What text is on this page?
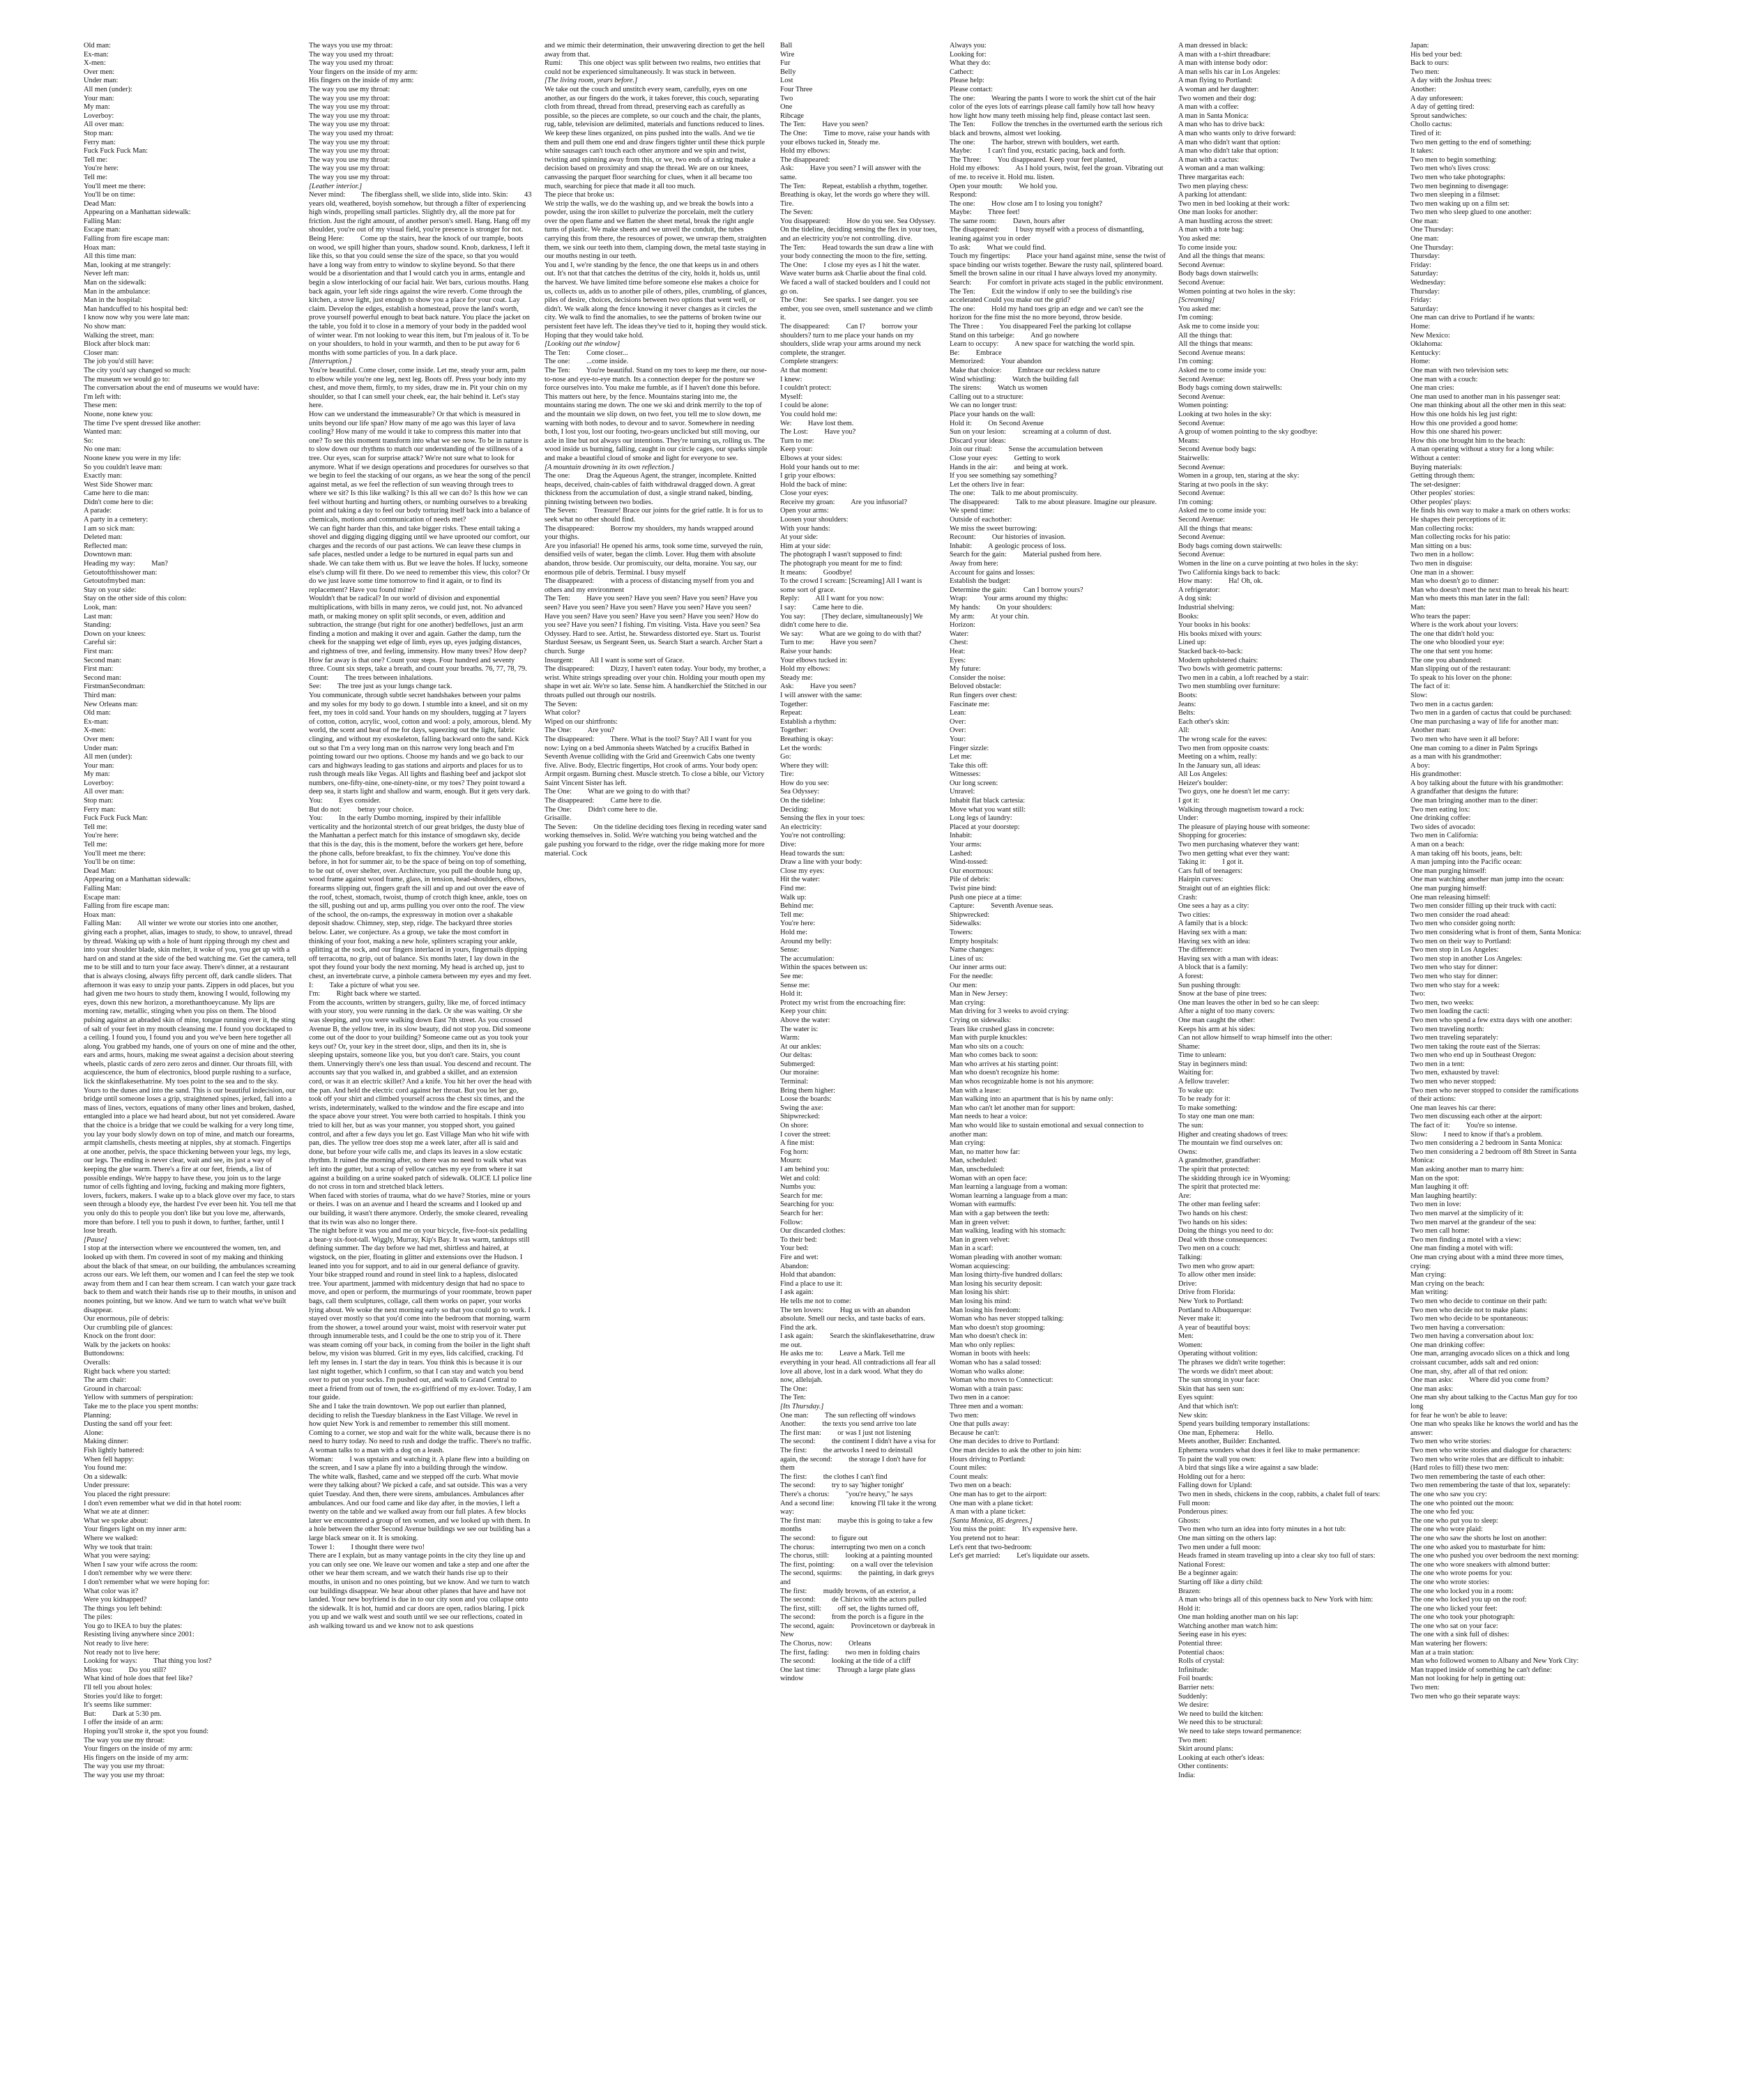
Old man:

Ex-man:

X-men:

Over men:

Under man:

All men (under):

Your man:

My man:

Loverboy:

All over man:

Stop man:

Ferry man:

Fuck Fuck Fuck Man:

Tell me:

You're here:

Tell me:

You'll meet me there:

You'll be on time:

Dead Man:

Appearing on a Manhattan sidewalk:

Falling Man:

Escape man:

Falling from fire escape man:

Hoax man:

All this time man:

Man, looking at me strangely:

Never left man:

Man on the sidewalk:

Man in the ambulance:

Man in the hospital:

Man handcuffed to his hospital bed:

I know now why you were late man:

No show man:

Walking the street, man:

Block after block man:

Closer man:

The job you'd still have:

The city you'd say changed so much:

The museum we would go to:

The conversation about the end of museums we would have:

I'm left with:

These men:

Noone, none knew you:

The time I've spent dressed like another:

Wanted man:

So:

No one man:

Noone knew you were in my life:

So you couldn't leave man:

Exactly man:

West Side Shower man:

Came here to die man:

Didn't come here to die:

A parade:

A party in a cemetery:

I am so sick man:

Deleted man:

Reflected man:

Downtown man:

Heading my way:         Man?

Getoutofthisshower man:

Getoutofmybed man:

Stay on your side:

Stay on the other side of this colon:

Look, man:

Last man:

Standing:

Down on your knees:

Careful sir:

First man:

Second man:

First man:

Second man:

FirstmanSecondman:

Third man:

New Orleans man:

Old man:

Ex-man:

X-men:

Over men:

Under man:

All men (under):

Your man:

My man:

Loverboy:

All over man:

Stop man:

Ferry man:

Fuck Fuck Fuck Man:

Tell me:

You're here:

Tell me:

You'll meet me there:

You'll be on time:

Dead Man:

Appearing on a Manhattan sidewalk:

Falling Man:

Escape man:

Falling from fire escape man:

Hoax man:

Falling Man:         All winter we wrote our stories into one another, giving each a prophet, alias, images to study, to show, to unravel, thread by thread. Waking up with a hole of hunt ripping through my chest and into your shoulder blade, skin melter, it woke of you, you get up with a hard on and stand at the side of the bed watching me. Get the camera, tell me to be still and to turn your face away. There's dinner, at a restaurant that is always closing, always fifty percent off, dark candle sliders. That afternoon it was easy to unzip your pants. Zippers in odd places, but you had given me two hours to study them, knowing I would, following my eyes, down this new horizon, a morethanthoeycanuse. My lips are morning raw, metallic, stinging when you piss on them. The blood pulsing against an abraded skin of mine, tongue running over it, the sting of salt of your feet in my mouth cleansing me. I found you docktaped to a ceiling. I found you, I found you and you we've been here together all along. You grabbed my hands, one of yours on one of mine and the other, ears and arms, hours, making me sweat against a decision about steering wheels, plastic cards of zero zero zeros and dinner. Our throats fill, with acquiescence, the hum of electronics, blood purple rushing to a surface, lick the skinflakesethatrine. My toes point to the sea and to the sky. Yours to the dunes and into the sand. This is our beautiful indecision, our bridge until someone loses a grip, straightened spines, jerked, fall into a mass of lines, vectors, equations of many other lines and broken, dashed, entangled into a place we had heard about, but not yet considered. Aware that the choice is a bridge that we could be walking for a very long time, you lay your body slowly down on top of mine, and match our forearms, armpit clamshells, chests meeting at nipples, shy at stomach. Fingertips at one another, pelvis, the space thickening between your legs, my legs, our legs. The ending is never clear, wait and see, its just a way of keeping the glue warm. There's a fire at our feet, friends, a list of possible endings. We're happy to have these, you join us to the large tumor of cells fighting and loving, fucking and making more fighters, lovers, fuckers, makers. I wake up to a black glove over my face, to stars seen through a bloody eye, the hardest I've ever been hit. You tell me that you only do this to people you don't like but you love me, afterwards, more than before. I tell you to push it down, to further, farther, until I lose breath.

[Pause]

I stop at the intersection where we encountered the women, ten, and looked up with them. I'm covered in soot of my making and thinking about the black of that smear, on our building, the ambulances screaming across our ears. We left them, our women and I can feel the step we took away from them and I can hear them scream. I can watch your gaze track back to them and watch their hands rise up to their mouths, in unison and noones pointing, but we know. And we turn to watch what we've built disappear.

Our enormous, pile of debris:

Our crumbling pile of glances:

Knock on the front door:

Walk by the jackets on hooks:

Buttondowns:

Overalls:

Right back where you started:

The arm chair:

Ground in charcoal:

Yellow with summers of perspiration:

Take me to the place you spent months:

Planning:

Dusting the sand off your feet:

Alone:

Making dinner:

Fish lightly battered:

When fell happy:

You found me:

On a sidewalk:

Under pressure:

You placed the right pressure:

I don't even remember what we did in that hotel room:

What we ate at dinner:

What we spoke about:

Your fingers light on my inner arm:

Where we walked:

Why we took that train:

What you were saying:

When I saw your wife across the room:

I don't remember why we were there:

I don't remember what we were hoping for:

What color was it?

Were you kidnapped?

The things you left behind:

The piles:

You go to IKEA to buy the plates:

Resisting living anywhere since 2001:

Not ready to live here:

Not ready not to live here:

Looking for ways:         That thing you lost?

Miss you:         Do you still?

What kind of hole does that feel like?

I'll tell you about holes:

Stories you'd like to forget:

It's seems like summer:

But:         Dark at 5:30 pm.

I offer the inside of an arm:

Hoping you'll stroke it, the spot you found:

The way you use my throat:

Your fingers on the inside of my arm:

His fingers on the inside of my arm:

The way you use my throat:

The way you use my throat:

The ways you use my throat:

The way you used my throat:

The way you used my throat:

Your fingers on the inside of my arm:

His fingers on the inside of my arm:

The way you use my throat:

The way you use my throat:

The way you use my throat:

The way you use my throat:

The way you use my throat:

The way you used my throat:

The way you use my throat:

The way you use my throat:

The way you use my throat:

The way you use my throat:

The way you use my throat:

[Leather interior.]

Never mind:         The fiberglass shell, we slide into, slide into. Skin:         43 years old, weathered, boyish somehow, but through a filter of experiencing high winds, propelling small particles. Slightly dry, all the more pat for friction. Just the right amount, of another person's smell. Hang. Hang off my shoulder, you're out of my visual field, you're presence is stronger for not.

Being Here:         Come up the stairs, hear the knock of our trample, boots on wood, we spill higher than yours, shadow sound. Knob, darkness, I left it like this, so that you could sense the size of the space, so that you would have a long way from entry to window to skyline beyond. So that there would be a disorientation and that I would catch you in arms, entangle and begin a slow interlocking of our facial hair. Wet bars, curious mouths. Hang back again, your left side rings against the wire reverb. Come through the kitchen, a stove light, just enough to show you a place for your coat. Lay claim. Develop the edges, establish a homestead, prove the land's worth, prove yourself powerful enough to beat back nature. You place the jacket on the table, you fold it to close in a memory of your body in the padded wool of winter wear. I'm not looking to wear this item, but I'm jealous of it. To be on your shoulders, to hold in your warmth, and then to be put away for 6 months with some particles of you. In a dark place.

[Interruption.]

You're beautiful. Come closer, come inside. Let me, steady your arm, palm to elbow while you're one leg, next leg. Boots off. Press your body into my chest, and move them, firmly, to my sides, draw me in. Pit your chin on my shoulder, so that I can smell your cheek, ear, the hair behind it. Let's stay here.

How can we understand the immeasurable? Or that which is measured in units beyond our life span? How many of me ago was this layer of lava cooling? How many of me would it take to compress this matter into that one? To see this moment transform into what we see now. To be in nature is to slow down our rhythms to match our understanding of the stillness of a tree. Our eyes, scan for surprise attack? We're not sure what to look for anymore. What if we design operations and procedures for ourselves so that we begin to feel the stacking of our organs, as we hear the song of the pencil against metal, as we feel the reflection of sun weaving through trees to where we sit? Is this like walking? Is this all we can do? Is this how we can feel without hurting and hurting others, or numbing ourselves to a breaking point and taking a day to feel our body torturing itself back into a balance of chemicals, motions and communication of needs met?

We can fight harder than this, and take bigger risks. These entail taking a shovel and digging digging digging until we have uprooted our comfort, our charges and the records of our past actions. We can leave these clumps in safe places, nestled under a ledge to be nurtured in equal parts sun and shade. We can take them with us. But we leave the holes. If lucky, someone else's clump will fit there. Do we need to remember this view, this color? Or do we just leave some time tomorrow to find it again, or to find its replacement? Have you found mine?

Wouldn't that be radical? In our world of division and exponential multiplications, with bills in many zeros, we could just, not. No advanced math, or making money on split split seconds, or even, addition and subtraction, the strange (but right for one another) bedfellows, just an arm finding a motion and making it over and again. Gather the damp, turn the cheek for the snapping wet edge of limb, eyes up, eyes judging distances, and rightness of tree, and feeling, immensity. How many trees? How deep? How far away is that one? Count your steps. Four hundred and seventy three. Count six steps, take a breath, and count your breaths. 76, 77, 78, 79.

Count:         The trees between inhalations.

See:         The tree just as your lungs change tack.

You communicate, through subtle secret handshakes between your palms and my soles for my body to go down. I stumble into a kneel, and sit on my feet, my toes in cold sand. Your hands on my shoulders, tugging at 7 layers of cotton, cotton, acrylic, wool, cotton and wool: a poly, amorous, blend. My world, the scent and heat of me for days, squeezing out the light, fabric clinging, and without my exoskeleton, falling backward onto the sand. Kick out so that I'm a very long man on this narrow very long beach and I'm pointing toward our two options. Choose my hands and we go back to our cars and highways leading to gas stations and airports and places for us to rush through meals like Vegas. All lights and flashing beef and jackpot slot numbers, one-fifty-nine, one-ninety-nine, or my toes? They point toward a deep sea, it starts light and shallow and warm, enough. But it gets very dark.

You:         Eyes consider.

But do not:         betray your choice.

You:         In the early Dumbo morning, inspired by their infallible verticality and the horizontal stretch of our great bridges, the dusty blue of the Manhattan a perfect match for this instance of smogdawn sky, decide that this is the day, this is the moment, before the workers get here, before the phone calls, before breakfast, to fix the chimney. You've done this before, in hot for summer air, to be the space of being on top of something, to be out of, over shelter, over. Architecture, you pull the double hung up, wood frame against wood frame, glass, in tension, head-shoulders, elbows, forearms slipping out, fingers graft the sill and up and out over the eave of the roof, tchest, stomach, twoist, thump of crotch thigh knee, ankle, toes on the sill, pushing out and up, arms pulling you over onto the roof. The view of the school, the on-ramps, the expressway in motion over a shakable deposit shadow. Chimney, step, step, ridge. The backyard three stories below. Later, we conjecture. As a group, we take the most comfort in thinking of your foot, making a new hole, splinters scraping your ankle, splitting at the sock, and our fingers interlaced in yours, fingernails dipping off terracotta, no grip, out of balance. Six months later, I lay down in the spot they found your body the next morning. My head is arched up, just to chest, an invertebrate curve, a pinhole camera between my eyes and my feet.

I:         Take a picture of what you see.

I'm:         Right back where we started.

From the accounts, written by strangers, guilty, like me, of forced intimacy with your story, you were running in the dark. Or she was waiting. Or she was sleeping, and you were walking down East 7th street. As you crossed Avenue B, the yellow tree, in its slow beauty, did not stop you. Did someone come out of the door to your building? Someone came out as you took your keys out? Or, your key in the street door, slips, and then its in, she is sleeping upstairs, someone like you, but you don't care. Stairs, you count them. Unnervingly there's one less than usual. You descend and recount. The accounts say that you walked in, and grabbed a skillet, and an extension cord, or was it an electric skillet? And a knife. You hit her over the head with the pan. And held the electric cord against her throat. But you let her go, took off your shirt and climbed yourself across the chest six times, and the wrists, indeterminately, walked to the window and the fire escape and into the space above your street. You were both carried to hospitals. I think you tried to kill her, but as was your manner, you stopped short, you gained control, and after a few days you let go. East Village Man who hit wife with pan, dies. The yellow tree does stop me a week later, after all is said and done, but before your wife calls me, and claps its leaves in a slow ecstatic rhythm. It ruined the morning after, so there was no need to walk what was left into the gutter, but a scrap of yellow catches my eye from where it sat against a building on a urine soaked patch of sidewalk. OLICE LI police line do not cross in torn and stretched black letters.

When faced with stories of trauma, what do we have? Stories, mine or yours or theirs. I was on an avenue and I heard the screams and I looked up and our building, it wasn't there anymore. Orderly, the smoke cleared, revealing that its twin was also no longer there.

The night before it was you and me on your bicycle, five-foot-six pedalling a bear-y six-foot-tall. Wiggly, Murray, Kip's Bay. It was warm, tanktops still defining summer. The day before we had met, shirtless and haired, at wigstock, on the pier, floating in glitter and extensions over the Hudson. I leaned into you for support, and to aid in our general defiance of gravity. Your bike strapped round and round in steel link to a hapless, dislocated tree. Your apartment, jammed with midcentury design that had no space to move, and open or perform, the murmurings of your roommate, brown paper bags, call them sculptures, collage, call them works on paper, your works lying about. We woke the next morning early so that you could go to work. I stayed over mostly so that you'd come into the bedroom that morning, warm from the shower, a towel around your waist, moist with reservoir water put through innumerable tests, and I could be the one to strip you of it. There was steam coming off your back, in coming from the boiler in the light shaft below, my vision was blurred. Grit in my eyes, lids calcified, cracking. I'd left my lenses in. I start the day in tears. You think this is because it is our last night together, which I confirm, so that I can stay and watch you bend over to put on your socks. I'm pushed out, and walk to Grand Central to meet a friend from out of town, the ex-girlfriend of my ex-lover. Today, I am tour guide.

She and I take the train downtown. We pop out earlier than planned, deciding to relish the Tuesday blankness in the East Village. We revel in how quiet New York is and remember to remember this still moment. Coming to a corner, we stop and wait for the white walk, because there is no need to hurry today. No need to rush and dodge the traffic. There's no traffic.

A woman talks to a man with a dog on a leash.

Woman:         I was upstairs and watching it. A plane flew into a building on the screen, and I saw a plane fly into a building through the window.

The white walk, flashed, came and we stepped off the curb. What movie were they talking about? We picked a cafe, and sat outside. This was a very quiet Tuesday. And then, there were sirens, ambulances. Ambulances after ambulances. And our food came and like day after, in the movies, I left a twenty on the table and we walked away from our full plates. A few blocks later we encountered a group of ten women, and we looked up with them. In a hole between the other Second Avenue buildings we see our building has a large black smear on it. It is smoking.

Tower 1:         I thought there were two!

There are I explain, but as many vantage points in the city they line up and you can only see one. We leave our women and take a step and one after the other we hear them scream, and we watch their hands rise up to their mouths, in unison and no ones pointing, but we know. And we turn to watch our buildings disappear. We hear about other planes that have and have not landed. Your new boyfriend is due in to our city soon and you collapse onto the sidewalk. It is hot, humid and car doors are open, radios blaring. I pick you up and we walk west and south until we see our reflections, coated in ash walking toward us and we know not to ask questions

and we mimic their determination, their unwavering direction to get the hell away from that.

Rumi:         This one object was split between two realms, two entities that could not be experienced simultaneously. It was stuck in between.

[The living room, years before.]

We take out the couch and unstitch every seam, carefully, eyes on one another, as our fingers do the work, it takes forever, this couch, separating cloth from thread, thread from thread, preserving each as carefully as possible, so the pieces are complete, so our couch and the chair, the plants, rug, table, television are delimited, materials and functions reduced to lines. We keep these lines organized, on pins pushed into the walls. And we tie them and pull them one end and draw fingers tighter until these thick purple white sausages can't touch each other anymore and we spin and twist, twisting and spinning away from this, or we, two ends of a string make a decision based on proximity and snap the thread. We are on our knees, canvassing the parquet floor searching for clues, when it all became too much, searching for piece that made it all too much.

The piece that broke us:

We strip the walls, we do the washing up, and we break the bowls into a powder, using the iron skillet to pulverize the porcelain, melt the cutlery over the open flame and we flatten the sheet metal, break the right angle turns of plastic. We make sheets and we unveil the conduit, the tubes carrying this from there, the resources of power, we unwrap them, straighten them, we sink our teeth into them, clamping down, the metal taste staying in our mouths nesting in our teeth.

You and I, we're standing by the fence, the one that keeps us in and others out. It's not that that catches the detritus of the city, holds it, holds us, until the harvest. We have limited time before someone else makes a choice for us, collects us, adds us to another pile of others, piles, crumbling, of glances, piles of desire, choices, decisions between two options that went well, or didn't. We walk along the fence knowing it never changes as it circles the city. We walk to find the anomalies, to see the patterns of broken twine our persistent feet have left. The ideas they've tied to it, hoping they would stick. Hoping that they would take hold.

[Looking out the window]

The Ten:         Come closer...

The one:         ...come inside.

The Ten:         You're beautiful. Stand on my toes to keep me there, our nose-to-nose and eye-to-eye match. Its a connection deeper for the posture we force ourselves into. You make me fumble, as if I haven't done this before. This matters out here, by the fence. Mountains staring into me, the mountains staring me down. The one we ski and drink merrily to the top of and the mountain we slip down, on two feet, you tell me to slow down, me warning with both nodes, to devour and to savor. Somewhere in needing both, I lost you, lost our footing, two-gears unclicked but still moving, our axle in line but not always our intentions. They're turning us, rolling us. The wood inside us burning, falling, caught in our circle cages, our sparks simple and make a beautiful cloud of smoke and light for everyone to see.

[A mountain drowning in its own reflection.]

The one:         Drag the Aqueous Agent, the stranger, incomplete. Knitted heaps, deceived, chain-cables of faith withdrawal dragged down. A great thickness from the accumulation of dust, a single strand naked, binding, pinning twisting between two bodies.

The Seven:         Treasure! Brace our joints for the grief rattle. It is for us to seek what no other should find.

The disappeared:         Borrow my shoulders, my hands wrapped around your thighs.

Are you infasorial! He opened his arms, took some time, surveyed the ruin, densified veils of water, began the climb. Lover. Hug them with absolute abandon, throw beside. Our promiscuity, our delta, moraine. You say, our enormous pile of debris. Terminal. I busy myself

The disappeared:         with a process of distancing myself from you and others and my environment

The Ten:         Have you seen? Have you seen? Have you seen? Have you seen? Have you seen? Have you seen? Have you seen? Have you seen? Have you seen? Have you seen? Have you seen? Have you seen? How do you see? Have you seen? I fishing. I'm visiting. Vista. Have you seen? Sea Odyssey. Hard to see. Artist, he. Stewardess distorted eye. Start us. Tourist Stardust Seesaw, us Sergeant Seen, us. Search Start a search. Archer Start a church. Surge

Insurgent:         All I want is some sort of Grace.

The disappeared:         Dizzy, I haven't eaten today. Your body, my brother, a wrist. White strings spreading over your chin. Holding your mouth open my shape in wet air. We're so late. Sense him. A handkerchief the Stitched in our throats pulled out through our nostrils.

The Seven:

What color?

Wiped on our shirtfronts:

The One:         Are you?

The disappeared:         There. What is the tool? Stay? All I want for you now: Lying on a bed Ammonia sheets Watched by a crucifix Bathed in Seventh Avenue colliding with the Grid and Greenwich Cabs one twenty five. Alive. Body, Electric fingertips, Hot crook of arms. Your body open: Armpit orgasm. Burning chest. Muscle stretch. To close a bible, our Victory Saint Vincent Sister has left.

The One:         What are we going to do with that?

The disappeared:         Came here to die.

The One:         Didn't come here to die.

Grisaille.

The Seven:         On the tideline deciding toes flexing in receding water sand working themselves in. Solid. We're watching you being watched and the gale pushing you forward to the ridge, over the ridge making more for more material. Cock

Ball

Wire

Fur

Belly

Lost

Four Three

Two

One

Ribcage

The Ten:         Have you seen?

The One:         Time to move, raise your hands with your elbows tucked in, Steady me.

Hold my elbows:

The disappeared:

Ask:         Have you seen? I will answer with the same.

The Ten:         Repeat, establish a rhythm, together. Breathing is okay, let the words go where they will. Tire.

The Seven:

You disappeared:         How do you see. Sea Odyssey. On the tideline, deciding sensing the flex in your toes, and an electricity you're not controlling. dive.

The Ten:         Head towards the sun draw a line with your body connecting the moon to the fire, setting.

The One:         I close my eyes as I hit the water. Wave water burns ask Charlie about the final cold. We faced a wall of stacked boulders and I could not go on.

The One:         See sparks. I see danger. you see ember, you see oven, smell sustenance and we climb it.

The disappeared:         Can I?         borrow your shoulders? turn to me place your hands on my shoulders, slide wrap your arms around my neck complete, the stranger.

Complete strangers:

At that moment:

I knew:

I couldn't protect:

Myself:

I could be alone:

You could hold me:

We:         Have lost them.

The Lost:         Have you?

Turn to me:

Keep your:

Elbows at your sides:

Hold your hands out to me:

I grip your elbows:

Hold the back of mine:

Close your eyes:

Receive my groan:         Are you infusorial?

Open your arms:

Loosen your shoulders:

With your hands:

At your side:

Him at your side:

The photograph I wasn't supposed to find:

The photograph you meant for me to find:

It means:         Goodbye!

To the crowd I scream: [Screaming] All I want is some sort of grace.

Reply:         All I want for you now:

I say:         Came here to die.

You say:         [They declare, simultaneously] We didn't come here to die.

We say:         What are we going to do with that?

Turn to me:         Have you seen?

Raise your hands:

Your elbows tucked in:

Hold my elbows:

Steady me:

Ask:         Have you seen?

I will answer with the same:

Together:

Repeat:

Establish a rhythm:

Together:

Breathing is okay:

Let the words:

Go:

Where they will:

Tire:

How do you see:

Sea Odyssey:

On the tideline:

Deciding:

Sensing the flex in your toes:

An electricity:

You're not controlling:

Dive:

Head towards the sun:

Draw a line with your body:

Close my eyes:

Hit the water:

Find me:

Walk up:

Behind me:

Tell me:

You're here:

Hold me:

Around my belly:

Sense:

The accumulation:

Within the spaces between us:

See me:

Sense me:

Hold it:

Protect my wrist from the encroaching fire:

Keep your chin:

Above the water:

The water is:

Warm:

At our ankles:

Our deltas:

Submerged:

Our moraine:

Terminal:

Bring them higher:

Loose the boards:

Swing the axe:

Shipwrecked:

On shore:

I cover the street:

A fine mist:

Fog horn:

Mourn:

I am behind you:

Wet and cold:

Numbs you:

Search for me:

Searching for you:

Search for her:

Follow:

Our discarded clothes:

To their bed:

Your bed:

Fire and wet:

Abandon:

Hold that abandon:

Find a place to use it:

I ask again:

He tells me not to come:

The ten lovers:         Hug us with an abandon absolute. Smell our necks, and taste backs of ears. Find the ark.

I ask again:         Search the skinflakesethatrine, draw me out.

He asks me to:         Leave a Mark. Tell me everything in your head. All contradictions all fear all love all above, lost in a dark wood. What they do now, allelujah.

The One:

The Ten:

[Its Thursday.]

One man:         The sun reflecting off windows

Another:         the texts you send arrive too late

The first man:         or was I just not listening

The second:         the continent I didn't have a visa for

The first:         the artworks I need to deinstall

again, the second:         the storage I don't have for them

The first:         the clothes I can't find

The second:         try to say 'higher tonight'

There's a chorus:         "you're heavy," he says

And a second line:         knowing I'll take it the wrong way:

The first man:         maybe this is going to take a few months

The second:         to figure out

The chorus:         interrupting two men on a conch

The chorus, still:         looking at a painting mounted

The first, pointing:         on a wall over the television

The second, squirms:         the painting, in dark greys and

The first:         muddy browns, of an exterior, a

The second:         de Chirico with the actors pulled

The first, still:         off set, the lights turned off,

The second:         from the porch is a figure in the

The second, again:         Provincetown or daybreak in New

The Chorus, now:         Orleans

The first, fading:         two men in folding chairs

The second:         looking at the tide of a cliff

One last time:         Through a large plate glass window

Always you:

Looking for:

What they do:

Cathect:

Please help:

Please contact:

The one:         Wearing the pants I wore to work the shirt cut of the hair color of the eyes lots of earrings please call family how tall how heavy how light how many teeth missing help find, please contact last seen.

The Ten:         Follow the trenches in the overturned earth the serious rich black and browns, almost wet looking.

The one:         The harbor, strewn with boulders, wet earth.

Maybe:         I can't find you, ecstatic pacing, back and forth.

The Three:         You disappeared. Keep your feet planted,

Hold my elbows:         As I hold yours, twist, feel the groan. Vibrating out of me. to receive it. Hold mu. listen.

Open your mouth:         We hold you.

Respond:

The one:         How close am I to losing you tonight?

Maybe:         Three feet!

The same room:         Dawn, hours after

The disappeared:         I busy myself with a process of dismantling, leaning against you in order

To ask:         What we could find.

Touch my fingertips:         Place your hand against mine, sense the twist of space binding our wrists together. Beware the rusty nail, splintered board. Smell the brown saline in our ritual I have always loved my anonymity.

Search:         For comfort in private acts staged in the public environment.

The Ten:         Exit the window if only to see the building's rise accelerated Could you make out the grid?

The one:         Hold my hand toes grip an edge and we can't see the horizon for the fine mist the no more beyond, throw beside.

The Three :         You disappeared Feel the parking lot collapse

Stand on this tarbeige:         And go nowhere

Learn to occupy:         A new space for watching the world spin.

Be:         Embrace

Memorized:         Your abandon

Make that choice:         Embrace our reckless nature

Wind whistling:         Watch the building fall

The sirens:         Watch us women

Calling out to a structure:

We can no longer trust:

Place your hands on the wall:

Hold it:         On Second Avenue

Sun on your lesion:         screaming at a column of dust.

Discard your ideas:

Join our ritual:         Sense the accumulation between

Close your eyes:         Getting to work

Hands in the air:         and being at work.

If you see something say something?

Let the others live in fear:

The one:         Talk to me about promiscuity.

The disappeared:         Talk to me about pleasure. Imagine our pleasure.

We spend time:

Outside of eachother:

We miss the sweet burrowing:

Recount:         Our histories of invasion.

Inhabit:         A geologic process of loss.

Search for the gain:         Material pushed from here.

Away from here:

Account for gains and losses:

Establish the budget:

Determine the gain:         Can I borrow yours?

Wrap:         Your arms around my thighs:

My hands:         On your shoulders:

My arm:         At your chin.

Horizon:

Water:

Chest:

Heat:

Eyes:

My future:

Consider the noise:

Beloved obstacle:

Run fingers over chest:

Fascinate me:

Lean:

Over:

Over:

Your:

Finger sizzle:

Let me:

Take this off:

Witnesses:

Our long screen:

Unravel:

Inhabit flat black cartesia:

Move what you want still:

Long legs of laundry:

Placed at your doorstep:

Inhabit:

Your arms:

Lashed:

Wind-tossed:

Our enormous:

Pile of debris:

Twist pine bind:

Push one piece at a time:

Capture:         Seventh Avenue seas.

Shipwrecked:

Sidewalks:

Towers:

Empty hospitals:

Name changes:

Lines of us:

Our inner arms out:

For the needle:

Our men:

Man in New Jersey:

Man crying:

Man driving for 3 weeks to avoid crying:

Crying on sidewalks:

Tears like crushed glass in concrete:

Man with purple knuckles:

Man who sits on a couch:

Man who comes back to soon:

Man who arrives at his starting point:

Man who doesn't recognize his home:

Man whos recognizable home is not his anymore:

Man with a lease:

Man walking into an apartment that is his by name only:

Man who can't let another man for support:

Man needs to hear a voice:

Man who would like to sustain emotional and sexual connection to another man:

Man crying:

Man, no matter how far:

Man, scheduled:

Man, unscheduled:

Woman with an open face:

Man learning a language from a woman:

Woman learning a language from a man:

Woman with earmuffs:

Man with a gap between the teeth:

Man in green velvet:

Man walking, leading with his stomach:

Man in green velvet:

Man in a scarf:

Woman pleading with another woman:

Woman acquiescing:

Man losing thirty-five hundred dollars:

Man losing his security deposit:

Man losing his shirt:

Man losing his mind:

Man losing his freedom:

Woman who has never stopped talking:

Man who doesn't stop grooming:

Man who doesn't check in:

Man who only replies:

Woman in boots with heels:

Woman who has a salad tossed:

Woman who walks alone:

Woman who moves to Connecticut:

Woman with a train pass:

Two men in a canoe:

Three men and a woman:

Two men:

One that pulls away:

Because he can't:

One man decides to drive to Portland:

One man decides to ask the other to join him:

Hours driving to Portland:

Count miles:

Count meals:

Two men on a beach:

One man has to get to the airport:

One man with a plane ticket:

A man with a plane ticket:

[Santa Monica, 85 degrees.]

You miss the point:         It's expensive here.

You pretend not to hear:

Let's rent that two-bedroom:

Let's get married:         Let's liquidate our assets.

A man dressed in black:

A man with a t-shirt threadbare:

A man with intense body odor:

A man sells his car in Los Angeles:

A man flying to Portland:

A woman and her daughter:

Two women and their dog:

A man with a coffee:

A man in Santa Monica:

A man who has to drive back:

A man who wants only to drive forward:

A man who didn't want that option:

A man who didn't take that option:

A man with a cactus:

A woman and a man walking:

Three margaritas each:

Two men playing chess:

A parking lot attendant:

Two men in bed looking at their work:

One man looks for another:

A man hustling across the street:

A man with a tote bag:

You asked me:

To come inside you:

And all the things that means:

Second Avenue:

Body bags down stairwells:

Second Avenue:

Women pointing at two holes in the sky:

[Screaming]

You asked me:

I'm coming:

Ask me to come inside you:

All the things that:

All the things that means:

Second Avenue means:

I'm coming:

Asked me to come inside you:

Second Avenue:

Body bags coming down stairwells:

Second Avenue:

Women pointing:

Looking at two holes in the sky:

Second Avenue:

A group of women pointing to the sky goodbye:

Means:

Second Avenue body bags:

Stairwells:

Second Avenue:

Women in a group, ten, staring at the sky:

Staring at two pools in the sky:

Second Avenue:

I'm coming:

Asked me to come inside you:

Second Avenue:

All the things that means:

Second Avenue:

Body bags coming down stairwells:

Second Avenue:

Women in the line on a curve pointing at two holes in the sky:

Two California kings back to back:

How many:         Ha! Oh, ok.

A refrigerator:

A dog sink:

Industrial shelving:

Books:

Your books in his books:

His books mixed with yours:

Lined up:

Stacked back-to-back:

Modern upholstered chairs:

Two bowls with geometric patterns:

Two men in a cabin, a loft reached by a stair:

Two men stumbling over furniture:

Boots:

Jeans:

Belts:

Each other's skin:

All:

The wrong scale for the eaves:

Two men from opposite coasts:

Meeting on a whim, really:

In the January sun, all ideas:

All Los Angeles:

Heizer's boulder:

Two guys, one he doesn't let me carry:

I got it:

Walking through magnetism toward a rock:

Under:

The pleasure of playing house with someone:

Shopping for groceries:

Two men purchasing whatever they want:

Two men getting what ever they want:

Taking it:         I got it.

Cars full of teenagers:

Hairpin curves:

Straight out of an eighties flick:

Crash:

One sees a hay as a city:

Two cities:

A family that is a block:

Having sex with a man:

Having sex with an idea:

The difference:

Having sex with a man with ideas:

A block that is a family:

A forest:

Sun pushing through:

Snow at the base of pine trees:

One man leaves the other in bed so he can sleep:

After a night of too many covers:

One man caught the other:

Keeps his arm at his sides:

Can not allow himself to wrap himself into the other:

Shame:

Time to unlearn:

Stay in beginners mind:

Waiting for:

A fellow traveler:

To wake up:

To be ready for it:

To make something:

To stay one man one man:

The sun:

Higher and creating shadows of trees:

The mountain we find ourselves on:

Owns:

A grandmother, grandfather:

The spirit that protected:

The skidding through ice in Wyoming:

The spirit that protected me:

Are:

The other man feeling safer:

Two hands on his chest:

Two hands on his sides:

Doing the things you need to do:

Deal with those consequences:

Two men on a couch:

Talking:

Two men who grow apart:

To allow other men inside:

Drive:

Drive from Florida:

New York to Portland:

Portland to Albuquerque:

Never make it:

A year of beautiful boys:

Men:

Women:

Operating without volition:

The phrases we didn't write together:

The words we didn't meet about:

The sun strong in your face:

Skin that has seen sun:

Eyes squint:

And that which isn't:

New skin:

Spend years building temporary installations:

One man, Ephemera:         Hello.

Meets another, Builder: Enchanted.

Ephemera wonders what does it feel like to make permanence:

To paint the wall you own:

A bird that sings like a wire against a saw blade:

Holding out for a hero:

Falling down for Upland:

Two men in sheds, chickens in the coop, rabbits, a chalet full of tears:

Full moon:

Ponderous pines:

Ghosts:

Two men who turn an idea into forty minutes in a hot tub:

One man sitting on the others lap:

Two men under a full moon:

Heads framed in steam traveling up into a clear sky too full of stars:

National Forest:

Be a beginner again:

Starting off like a dirty child:

Brazen:

A man who brings all of this openness back to New York with him:

Hold it:

One man holding another man on his lap:

Watching another man watch him:

Seeing ease in his eyes:

Potential three:

Potential chaos:

Rolls of crystal:

Infinitude:

Foil boards:

Barrier nets:

Suddenly:

We desire:

We need to build the kitchen:

We need this to be structural:

We need to take steps toward permanence:

Two men:

Skirt around plans:

Looking at each other's ideas:

Other continents:

India:

Japan:

His bed your bed:

Back to ours:

Two men:

A day with the Joshua trees:

Another:

A day unforeseen:

A day of getting tired:

Sprout sandwiches:

Chollo cactus:

Tired of it:

Two men getting to the end of something:

It takes:

Two men to begin something:

Two men who's lives cross:

Two men who take photographs:

Two men beginning to disengage:

Two men sleeping in a filmset:

Two men waking up on a film set:

Two men who sleep glued to one another:

One man:

One Thursday:

One man:

One Thursday:

Thursday:

Friday:

Saturday:

Wednesday:

Thursday:

Friday:

Saturday:

One man can drive to Portland if he wants:

Home:

New Mexico:

Oklahoma:

Kentucky:

Home:

One man with two television sets:

One man with a couch:

One man cries:

One man used to another man in his passenger seat:

One man thinking about all the other men in this seat:

How this one holds his leg just right:

How this one provided a good home:

How this one shared his power:

How this one brought him to the beach:

A man operating without a story for a long while:

Without a center:

Buying materials:

Getting through them:

The set-designer:

Other peoples' stories:

Other peoples' plays:

He finds his own way to make a mark on others works:

He shapes their perceptions of it:

Man collecting rocks:

Man collecting rocks for his patio:

Man sitting on a bus:

Two men in a hollow:

Two men in disguise:

One man in a shower:

Man who doesn't go to dinner:

Man who doesn't meet the next man to break his heart:

Man who meets this man later in the fall:

Man:

Who tears the paper:

Where is the work about your lovers:

The one that didn't hold you:

The one who bloodied your eye:

The one that sent you home:

The one you abandoned:

Man slipping out of the restaurant:

To speak to his lover on the phone:

The fact of it:

Slow:

Two men in a cactus garden:

Two men in a garden of cactus that could be purchased:

One man purchasing a way of life for another man:

Another man:

Two men who have seen it all before:

One man coming to a diner in Palm Springs

as a man with his grandmother:

A boy:

His grandmother:

A boy talking about the future with his grandmother:

A grandfather that designs the future:

One man bringing another man to the diner:

Two men eating lox:

One drinking coffee:

Two sides of avocado:

Two men in California:

A man on a beach:

A man taking off his boots, jeans, belt:

A man jumping into the Pacific ocean:

One man purging himself:

One man watching another man jump into the ocean:

One man purging himself:

One man releasing himself:

Two men consider filling up their truck with cacti:

Two men consider the road ahead:

Two men who consider going north:

Two men considering what is front of them, Santa Monica:

Two men on their way to Portland:

Two men stop in Los Angeles:

Two men stop in another Los Angeles:

Two men who stay for dinner:

Two men who stay for dinner:

Two men who stay for a week:

Two:

Two men, two weeks:

Two men loading the cacti:

Two men who spend a few extra days with one another:

Two men traveling north:

Two men traveling separately:

Two men taking the route east of the Sierras:

Two men who end up in Southeast Oregon:

Two men in a tent:

Two men, exhausted by travel:

Two men who never stopped:

Two men who never stopped to consider the ramifications of their actions:

One man leaves his car there:

Two men discussing each other at the airport:

The fact of it:         You're so intense.

Slow:         I need to know if that's a problem.

Two men considering a 2 bedroom in Santa Monica:

Two men considering a 2 bedroom off 8th Street in Santa Monica:

Man asking another man to marry him:

Man on the spot:

Man laughing it off:

Man laughing heartily:

Two men in love:

Two men marvel at the simplicity of it:

Two men marvel at the grandeur of the sea:

Two men call home:

Two men finding a motel with a view:

One man finding a motel with wifi:

One man crying about with a mind three more times, crying:

Man crying:

Man crying on the beach:

Man writing:

Two men who decide to continue on their path:

Two men who decide not to make plans:

Two men who decide to be spontaneous:

Two men having a conversation:

Two men having a conversation about lox:

One man drinking coffee:

One man, arranging avocado slices on a thick and long

croissant cucumber, adds salt and red onion:

One man, shy, after all of that red onion:

One man asks:         Where did you come from?

One man asks:

One man shy about talking to the Cactus Man guy for too long

for fear he won't be able to leave:

One man who speaks like he knows the world and has the answer:

Two men who write stories:

Two men who write stories and dialogue for characters:

Two men who write roles that are difficult to inhabit:

(Hard roles to fill) these two men:

Two men remembering the taste of each other:

Two men remembering the taste of that lox, separately:

The one who saw you cry:

The one who pointed out the moon:

The one who fed you:

The one who put you to sleep:

The one who wore plaid:

The one who saw the shorts he lost on another:

The one who asked you to masturbate for him:

The one who pushed you over bedroom the next morning:

The one who wore sneakers with almond butter:

The one who wrote poems for you:

The one who wrote stories:

The one who locked you in a room:

The one who locked you up on the roof:

The one who licked your feet:

The one who took your photograph:

The one who sat on your face:

The one with a sink full of dishes:

Man watering her flowers:

Man at a train station:

Man who followed women to Albany and New York City:

Man trapped inside of something he can't define:

Man not looking for help in getting out:

Two men:

Two men who go their separate ways:
